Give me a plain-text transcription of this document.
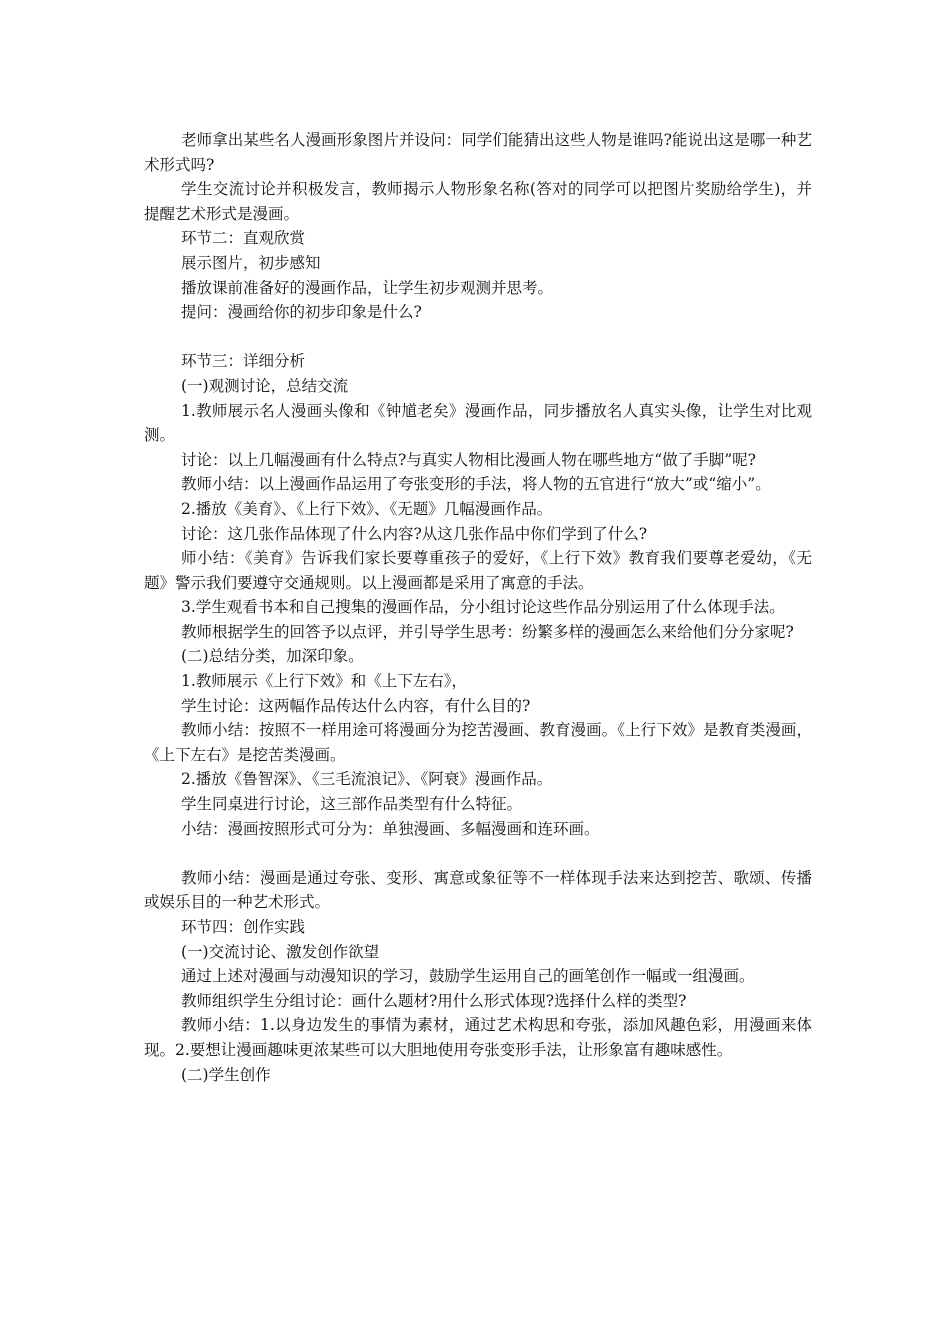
老师拿出某些名人漫画形象图片并设问：同学们能猜出这些人物是谁吗?能说出这是哪一种艺术形式吗?

学生交流讨论并积极发言，教师揭示人物形象名称(答对的同学可以把图片奖励给学生)，并提醒艺术形式是漫画。

环节二：直观欣赏

展示图片，初步感知

播放课前准备好的漫画作品，让学生初步观测并思考。

提问：漫画给你的初步印象是什么?

环节三：详细分析

(一)观测讨论，总结交流

1.教师展示名人漫画头像和《钟馗老矣》漫画作品，同步播放名人真实头像，让学生对比观测。

讨论：以上几幅漫画有什么特点?与真实人物相比漫画人物在哪些地方“做了手脚”呢?

教师小结：以上漫画作品运用了夸张变形的手法，将人物的五官进行“放大”或“缩小”。

2.播放《美育》、《上行下效》、《无题》几幅漫画作品。

讨论：这几张作品体现了什么内容?从这几张作品中你们学到了什么?

师小结：《美育》告诉我们家长要尊重孩子的爱好，《上行下效》教育我们要尊老爱幼，《无题》警示我们要遵守交通规则。以上漫画都是采用了寓意的手法。

3.学生观看书本和自己搜集的漫画作品，分小组讨论这些作品分别运用了什么体现手法。

教师根据学生的回答予以点评，并引导学生思考：纷繁多样的漫画怎么来给他们分分家呢?

(二)总结分类，加深印象。

1.教师展示《上行下效》和《上下左右》，

学生讨论：这两幅作品传达什么内容，有什么目的?

教师小结：按照不一样用途可将漫画分为挖苦漫画、教育漫画。《上行下效》是教育类漫画，《上下左右》是挖苦类漫画。

2.播放《鲁智深》、《三毛流浪记》、《阿衰》漫画作品。

学生同桌进行讨论，这三部作品类型有什么特征。

小结：漫画按照形式可分为：单独漫画、多幅漫画和连环画。

教师小结：漫画是通过夸张、变形、寓意或象征等不一样体现手法来达到挖苦、歌颂、传播或娱乐目的一种艺术形式。

环节四：创作实践

(一)交流讨论、激发创作欲望

通过上述对漫画与动漫知识的学习，鼓励学生运用自己的画笔创作一幅或一组漫画。

教师组织学生分组讨论：画什么题材?用什么形式体现?选择什么样的类型?

教师小结：1.以身边发生的事情为素材，通过艺术构思和夸张，添加风趣色彩，用漫画来体现。2.要想让漫画趣味更浓某些可以大胆地使用夸张变形手法，让形象富有趣味感性。

(二)学生创作
